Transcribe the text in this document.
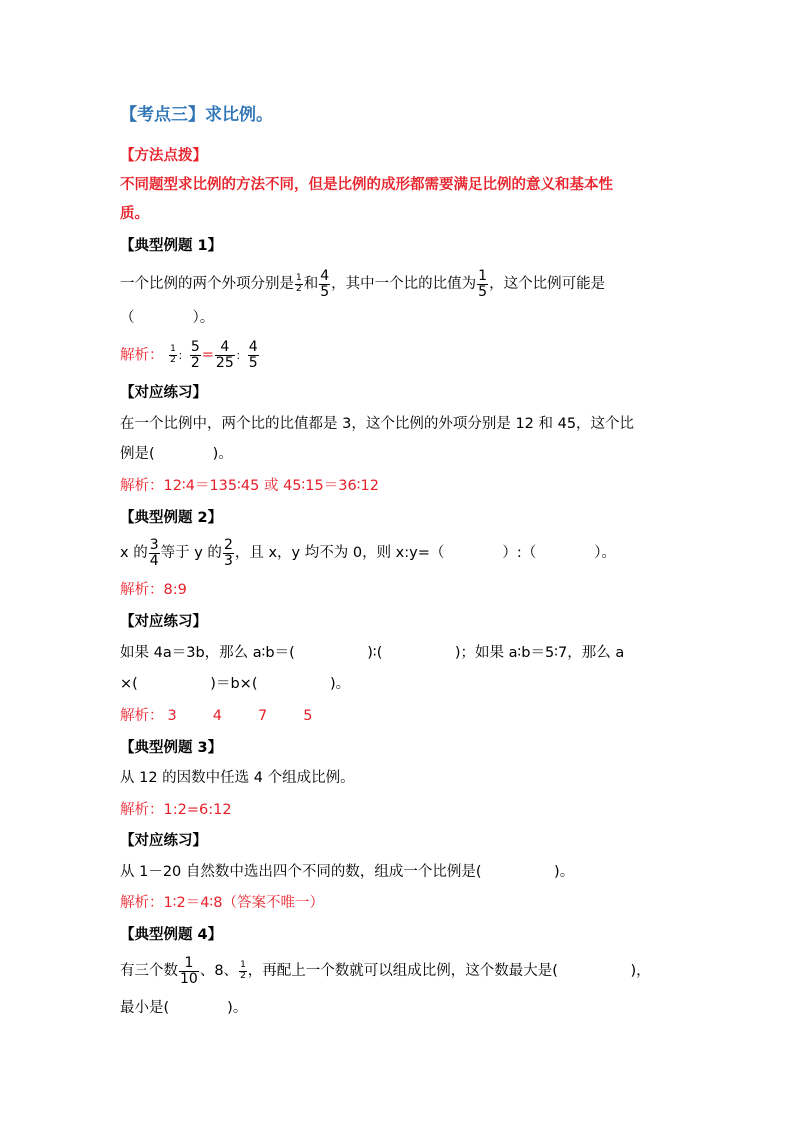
【考点三】求比例。
【方法点拨】
不同题型求比例的方法不同，但是比例的成形都需要满足比例的意义和基本性
质。
【典型例题 1】
一个比例的两个外项分别是 $\frac{1}{2}$ 和 $\frac{4}{5}$ ，其中一个比的比值为 $\frac{1}{5}$ ，这个比例可能是
（　　　　）。
解析： $\frac{1}{2}$ ： $\frac{5}{2} = \frac{4}{25}$ ： $\frac{4}{5}$
【对应练习】
在一个比例中，两个比的比值都是 3，这个比例的外项分别是 12 和 45，这个比
例是(　　　　)。
解析：12∶4＝135∶45 或 45∶15＝36∶12
【典型例题 2】
x 的 $\frac{3}{4}$ 等于 y 的 $\frac{2}{3}$ ，且 x，y 均不为 0，则 x:y=（　　　　）:（　　　　）。
解析：8:9
【对应练习】
如果 4a＝3b，那么 a∶b＝(　　　　　)∶(　　　　　)；如果 a∶b＝5∶7，那么 a
×(　　　　　)＝b×(　　　　　)。
解析： 3 4 7 5
【典型例题 3】
从 12 的因数中任选 4 个组成比例。
解析：1:2=6:12
【对应练习】
从 1－20 自然数中选出四个不同的数，组成一个比例是(　　　　　)。
解析：1∶2＝4∶8（答案不唯一）
【典型例题 4】
有三个数 $\frac{1}{10}$ 、8、 $\frac{1}{2}$ ，再配上一个数就可以组成比例，这个数最大是(　　　　　)，
最小是(　　　　)。
